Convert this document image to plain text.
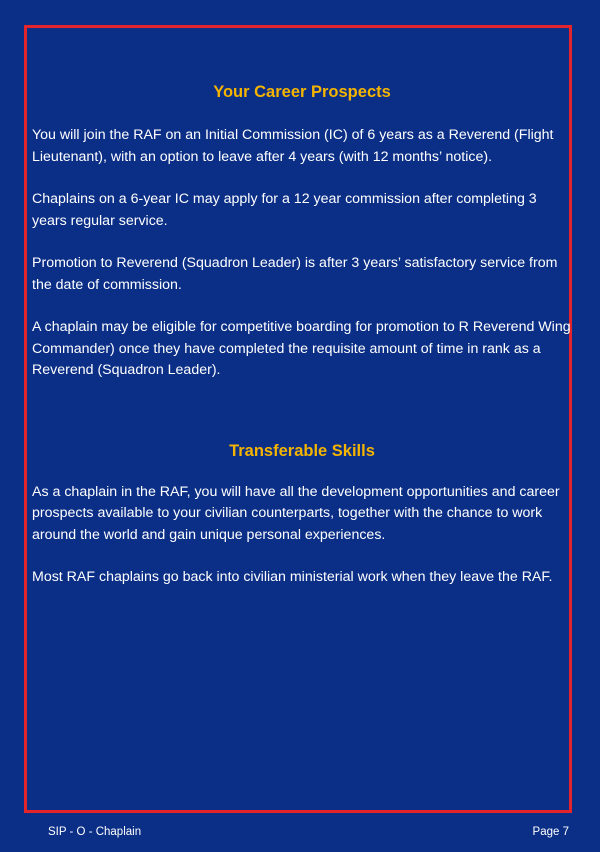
Your Career Prospects

You will join the RAF on an Initial Commission (IC) of 6 years as a Reverend (Flight Lieutenant), with an option to leave after 4 years (with 12 months’ notice).

Chaplains on a 6-year IC may apply for a 12 year commission after completing 3 years regular service.

Promotion to Reverend (Squadron Leader) is after 3 years’ satisfactory service from the date of commission.

A chaplain may be eligible for competitive boarding for promotion to R Reverend Wing Commander) once they have completed the requisite amount of time in rank as a Reverend (Squadron Leader).

Transferable Skills

As a chaplain in the RAF, you will have all the development opportunities and career prospects available to your civilian counterparts, together with the chance to work around the world and gain unique personal experiences.

Most RAF chaplains go back into civilian ministerial work when they leave the RAF.

SIP - O - Chaplain	Page 7
